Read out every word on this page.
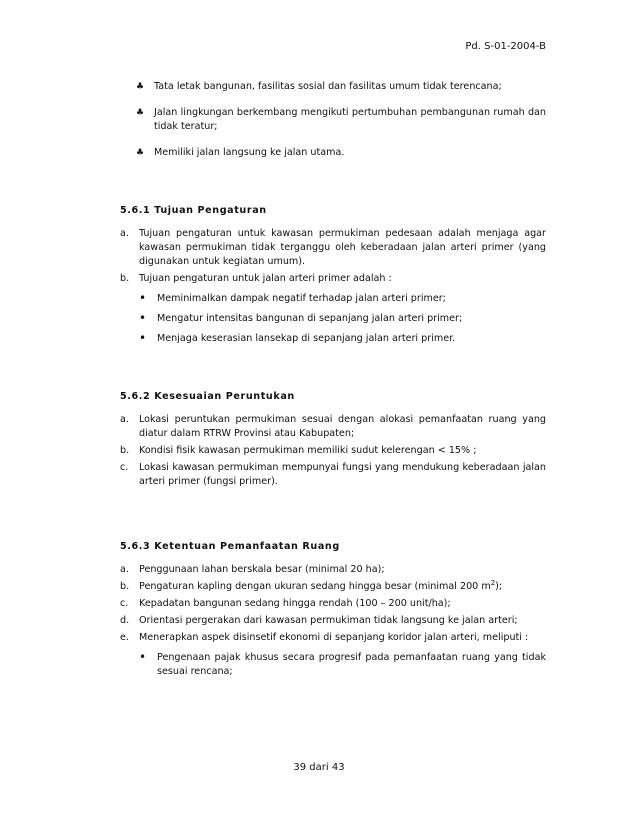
Pd. S-01-2004-B
♣ Tata letak bangunan, fasilitas sosial dan fasilitas umum tidak terencana;
♣ Jalan lingkungan berkembang mengikuti pertumbuhan pembangunan rumah dan tidak teratur;
♣ Memiliki jalan langsung ke jalan utama.
5.6.1 Tujuan Pengaturan
a. Tujuan pengaturan untuk kawasan permukiman pedesaan adalah menjaga agar kawasan permukiman tidak terganggu oleh keberadaan jalan arteri primer (yang digunakan untuk kegiatan umum).
b. Tujuan pengaturan untuk jalan arteri primer adalah :
• Meminimalkan dampak negatif terhadap jalan arteri primer;
• Mengatur intensitas bangunan di sepanjang jalan arteri primer;
• Menjaga keserasian lansekap di sepanjang jalan arteri primer.
5.6.2 Kesesuaian Peruntukan
a. Lokasi peruntukan permukiman sesuai dengan alokasi pemanfaatan ruang yang diatur dalam RTRW Provinsi atau Kabupaten;
b. Kondisi fisik kawasan permukiman memiliki sudut kelerengan < 15% ;
c. Lokasi kawasan permukiman mempunyai fungsi yang mendukung keberadaan jalan arteri primer (fungsi primer).
5.6.3 Ketentuan Pemanfaatan Ruang
a. Penggunaan lahan berskala besar (minimal 20 ha);
b. Pengaturan kapling dengan ukuran sedang hingga besar (minimal 200 $m^2$);
c. Kepadatan bangunan sedang hingga rendah (100 – 200 unit/ha);
d. Orientasi pergerakan dari kawasan permukiman tidak langsung ke jalan arteri;
e. Menerapkan aspek disinsetif ekonomi di sepanjang koridor jalan arteri, meliputi :
• Pengenaan pajak khusus secara progresif pada pemanfaatan ruang yang tidak sesuai rencana;
39 dari 43
